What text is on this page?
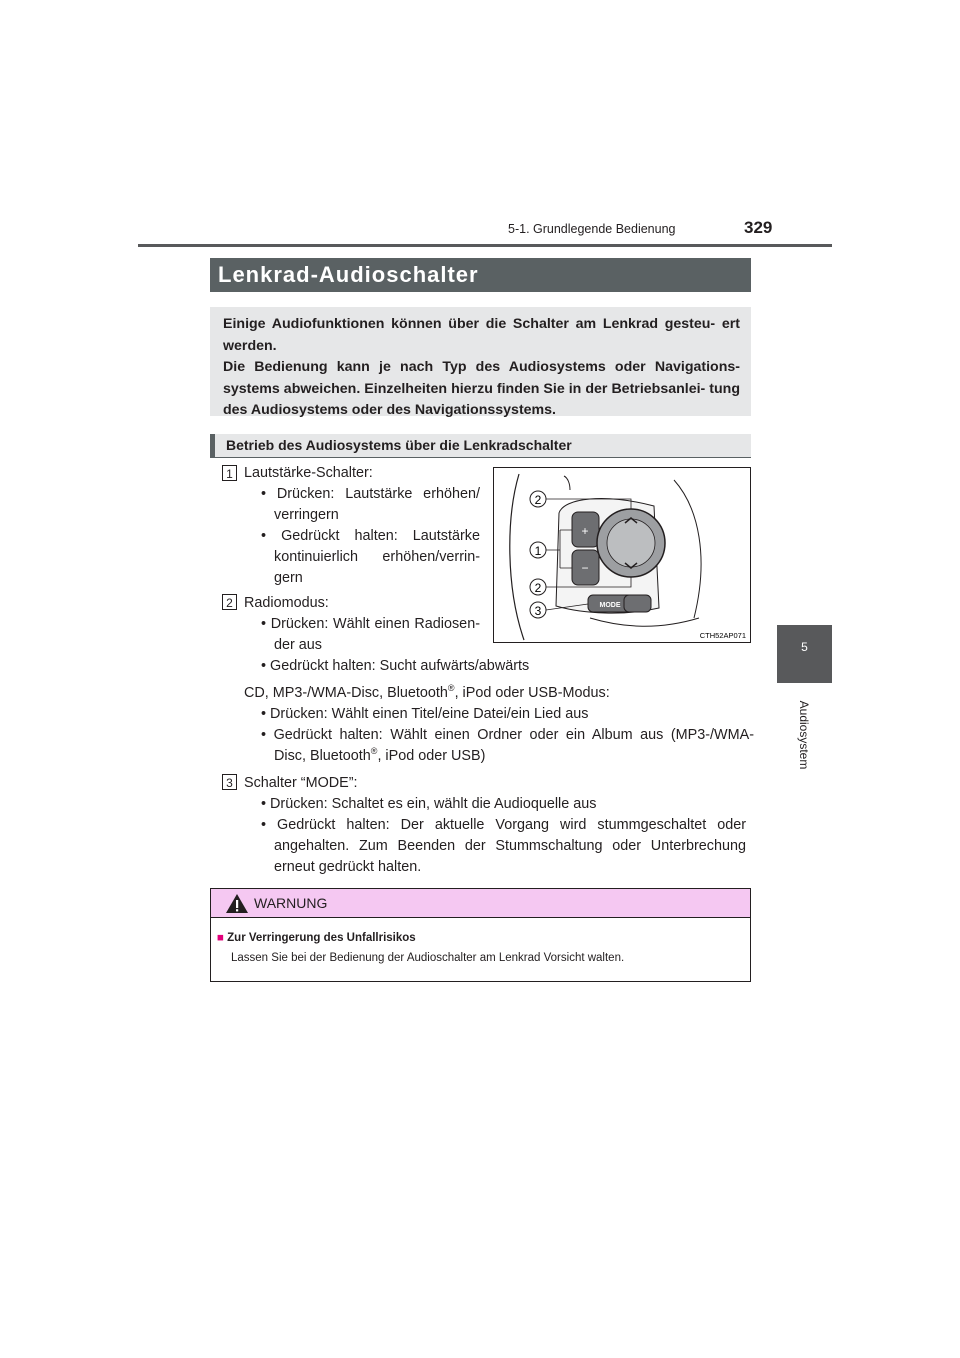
5-1. Grundlegende Bedienung	329
5
Audiosystem
Lenkrad-Audioschalter

Einige Audiofunktionen können über die Schalter am Lenkrad gesteu- ert werden.

Die Bedienung kann je nach Typ des Audiosystems oder Navigations- systems abweichen. Einzelheiten hierzu finden Sie in der Betriebsanlei- tung des Audiosystems oder des Navigationssystems.

Betrieb des Audiosystems über die Lenkradschalter
1 Lautstärke-Schalter:
• Drücken: Lautstärke erhöhen/
verringern
• Gedrückt halten: Lautstärke
kontinuierlich erhöhen/verrin-
gern
2 Radiomodus:
• Drücken: Wählt einen Radiosen-
der aus
• Gedrückt halten: Sucht aufwärts/abwärts
CD, MP3-/WMA-Disc, Bluetooth®, iPod oder USB-Modus:
• Drücken: Wählt einen Titel/eine Datei/ein Lied aus
• Gedrückt halten: Wählt einen Ordner oder ein Album aus (MP3-/WMA-
Disc, Bluetooth®, iPod oder USB)
3 Schalter “MODE”:
• Drücken: Schaltet es ein, wählt die Audioquelle aus
• Gedrückt halten: Der aktuelle Vorgang wird stummgeschaltet oder
angehalten. Zum Beenden der Stummschaltung oder Unterbrechung
erneut gedrückt halten.
+
−
MODE
2
1
2
3
CTH52AP071
WARNUNG
■ Zur Verringerung des Unfallrisikos
Lassen Sie bei der Bedienung der Audioschalter am Lenkrad Vorsicht walten.
